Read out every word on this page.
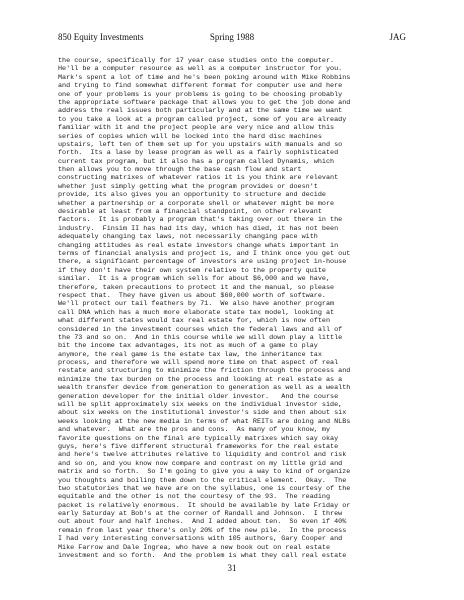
850 Equity Investments	Spring 1988	JAG
the course, specifically for 17 year case studies onto the computer.
He'll be a computer resource as well as a computer instructor for you.
Mark's spent a lot of time and he's been poking around with Mike Robbins
and trying to find somewhat different format for computer use and here
one of your problems is your problems is going to be choosing probably
the appropriate software package that allows you to get the job done and
address the real issues both particularly and at the same time we want
to you take a look at a program called project, some of you are already
familiar with it and the project people are very nice and allow this
series of copies which will be locked into the hard disc machines
upstairs, left ten of them set up for you upstairs with manuals and so
forth.  Its a lase by lease program as well as a fairly sophisticated
current tax program, but it also has a program called Dynamis, which
then allows you to move through the base cash flow and start
constructing matrixes of whatever ratios it is you think are relevant
whether just simply getting what the program provides or doesn't
provide, its also gives you an opportunity to structure and decide
whether a partnership or a corporate shell or whatever might be more
desirable at least from a financial standpoint, on other relevant
factors.  It is probably a program that's taking over out there in the
industry.  Finsim II has had its day, which has died, it has not been
adequately changing tax laws, not necessarily changing pace with
changing attitudes as real estate investors change whats important in
terms of financial analysis and project is, and I think once you get out
there, a significant percentage of investors are using project in-house
if they don't have their own system relative to the property quite
similar.  It is a program which sells for about $6,000 and we have,
therefore, taken precautions to protect it and the manual, so please
respect that.  They have given us about $60,000 worth of software.
We'll protect our tail feathers by 71.  We also have another program
call DNA which has a much more elaborate state tax model, looking at
what different states would tax real estate for, which is now often
considered in the investment courses which the federal laws and all of
the 73 and so on.  And in this course while we will down play a little
bit the income tax advantages, its not as much of a game to play
anymore, the real game is the estate tax law, the inheritance tax
process, and therefore we will spend more time on that aspect of real
restate and structuring to minimize the friction through the process and
minimize the tax burden on the process and looking at real estate as a
wealth transfer device from generation to generation as well as a wealth
generation developer for the initial older investor.   And the course
will be split approximately six weeks on the individual investor side,
about six weeks on the institutional investor's side and then about six
weeks looking at the new media in terms of what REITs are doing and NLBs
and whatever.  What are the pros and cons.  As many of you know, my
favorite questions on the final are typically matrixes which say okay
guys, here's five different structural frameworks for the real estate
and here's twelve attributes relative to liquidity and control and risk
and so on, and you know now compare and contrast on my little grid and
matrix and so forth.  So I'm going to give you a way to kind of organize
you thoughts and boiling them down to the critical element.  Okay.  The
two statutories that we have are on the syllabus, one is courtesy of the
equitable and the other is not the courtesy of the 93.  The reading
packet is relatively enormous.  It should be available by late Friday or
early Saturday at Bob's at the corner of Randall and Johnson.  I threw
out about four and half inches.  And I added about ten.  So even if 40%
remain from last year there's only 20% of the new pile.  In the process
I had very interesting conversations with 105 authors, Gary Cooper and
Mike Farrow and Dale Ingrea, who have a new book out on real estate
investment and so forth.  And the problem is what they call real estate
31
